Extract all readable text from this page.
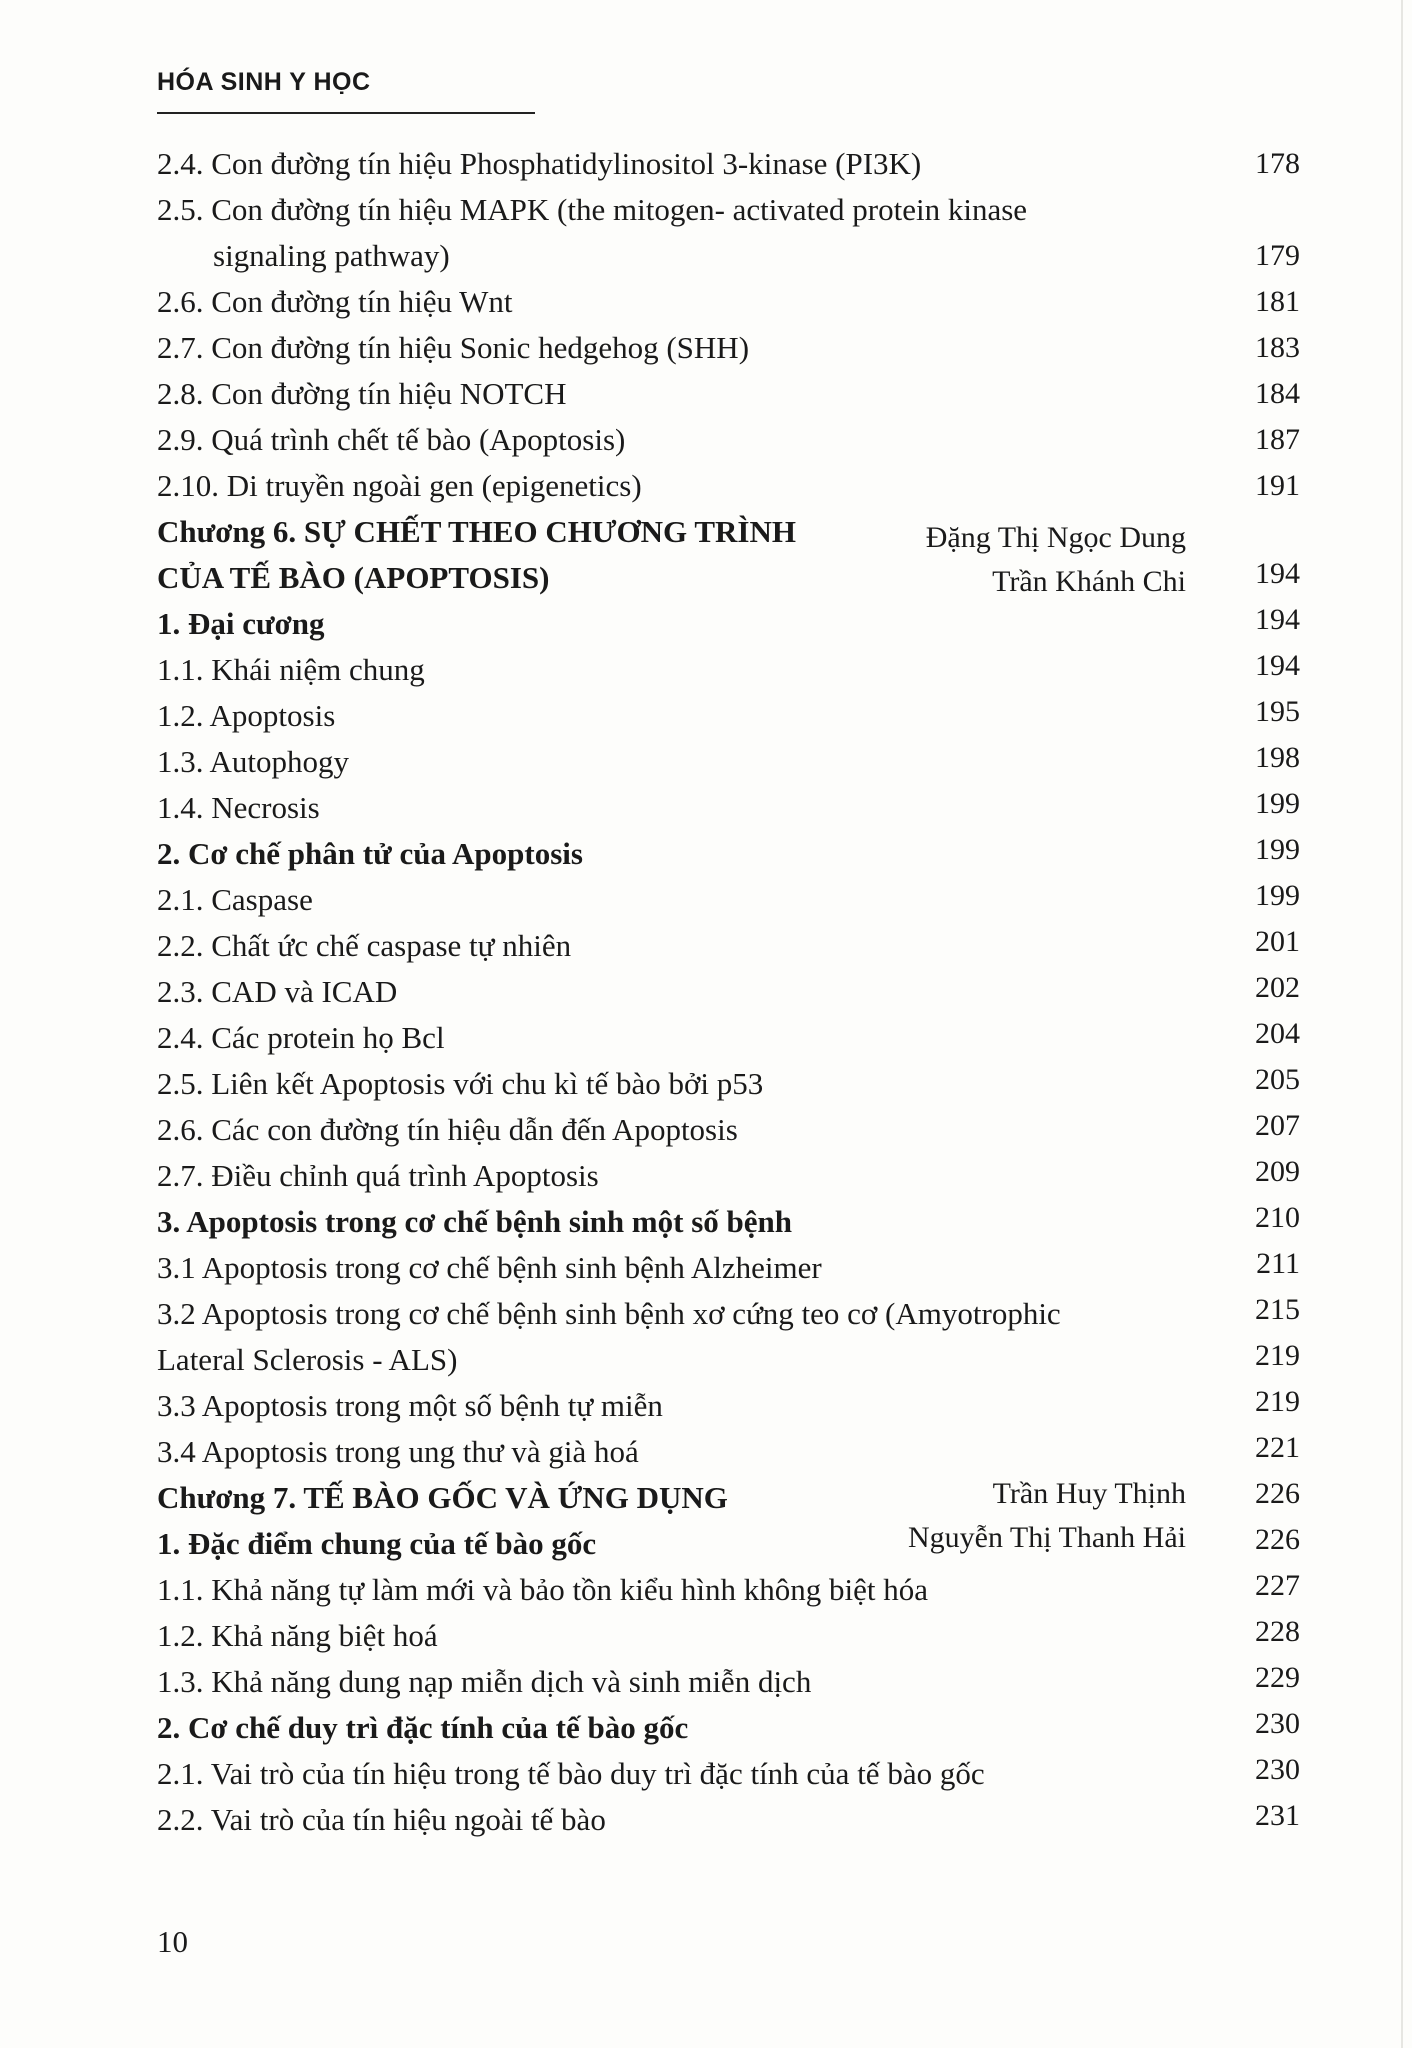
HÓA SINH Y HỌC
2.4. Con đường tín hiệu Phosphatidylinositol 3-kinase (PI3K)
2.5. Con đường tín hiệu MAPK (the mitogen- activated protein kinase
signaling pathway)
2.6. Con đường tín hiệu Wnt
2.7. Con đường tín hiệu Sonic hedgehog (SHH)
2.8. Con đường tín hiệu NOTCH
2.9. Quá trình chết tế bào (Apoptosis)
2.10. Di truyền ngoài gen (epigenetics)
Chương 6. SỰ CHẾT THEO CHƯƠNG TRÌNH
CỦA TẾ BÀO (APOPTOSIS)
1. Đại cương
1.1. Khái niệm chung
1.2. Apoptosis
1.3. Autophogy
1.4. Necrosis
2. Cơ chế phân tử của Apoptosis
2.1. Caspase
2.2. Chất ức chế caspase tự nhiên
2.3. CAD và ICAD
2.4. Các protein họ Bcl
2.5. Liên kết Apoptosis với chu kì tế bào bởi p53
2.6. Các con đường tín hiệu dẫn đến Apoptosis
2.7. Điều chỉnh quá trình Apoptosis
3. Apoptosis trong cơ chế bệnh sinh một số bệnh
3.1 Apoptosis trong cơ chế bệnh sinh bệnh Alzheimer
3.2 Apoptosis trong cơ chế bệnh sinh bệnh xơ cứng teo cơ (Amyotrophic
Lateral Sclerosis - ALS)
3.3 Apoptosis trong một số bệnh tự miễn
3.4 Apoptosis trong ung thư và già hoá
Chương 7. TẾ BÀO GỐC VÀ ỨNG DỤNG
1. Đặc điểm chung của tế bào gốc
1.1. Khả năng tự làm mới và bảo tồn kiểu hình không biệt hóa
1.2. Khả năng biệt hoá
1.3. Khả năng dung nạp miễn dịch và sinh miễn dịch
2. Cơ chế duy trì đặc tính của tế bào gốc
2.1. Vai trò của tín hiệu trong tế bào duy trì đặc tính của tế bào gốc
2.2. Vai trò của tín hiệu ngoài tế bào
Đặng Thị Ngọc Dung
Trần Khánh Chi
Trần Huy Thịnh
Nguyễn Thị Thanh Hải
178
179
181
183
184
187
191
194
194
194
195
198
199
199
199
201
202
204
205
207
209
210
211
215
219
219
221
226
226
227
228
229
230
230
231
10
